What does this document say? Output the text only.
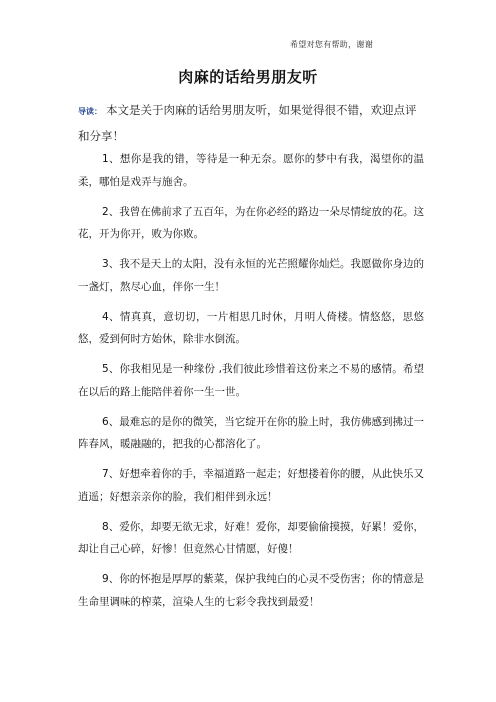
希望对您有帮助，谢谢
肉麻的话给男朋友听
导读： 本文是关于肉麻的话给男朋友听，如果觉得很不错，欢迎点评和分享！

1、想你是我的错，等待是一种无奈。愿你的梦中有我，渴望你的温柔，哪怕是戏弄与施舍。

2、我曾在佛前求了五百年，为在你必经的路边一朵尽情绽放的花。这花，开为你开，败为你败。

3、我不是天上的太阳，没有永恒的光芒照耀你灿烂。我愿做你身边的一盏灯，熬尽心血，伴你一生！

4、情真真，意切切，一片相思几时休，月明人倚楼。情悠悠，思悠悠，爱到何时方始休，除非水倒流。

5、你我相见是一种缘份 ,我们彼此珍惜着这份来之不易的感情。希望在以后的路上能陪伴着你一生一世。

6、最难忘的是你的微笑，当它绽开在你的脸上时，我仿佛感到拂过一阵春风，暖融融的，把我的心都溶化了。

7、好想牵着你的手，幸福道路一起走；好想搂着你的腰，从此快乐又逍遥；好想亲亲你的脸，我们相伴到永远！

8、爱你，却要无欲无求，好难！爱你，却要偷偷摸摸，好累！爱你，却让自己心碎，好惨！但竟然心甘情愿，好傻！

9、你的怀抱是厚厚的紫菜，保护我纯白的心灵不受伤害；你的情意是生命里调味的榨菜，渲染人生的七彩令我找到最爱！
